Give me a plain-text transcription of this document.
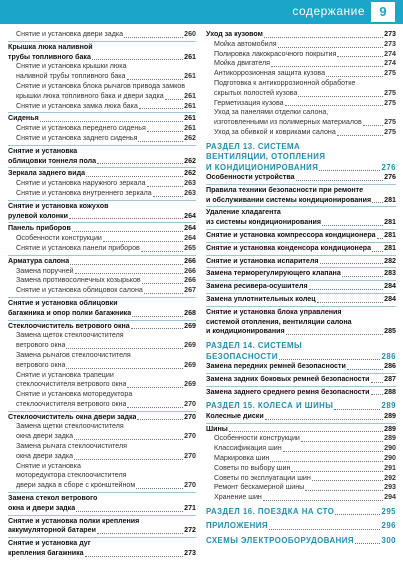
содержание	9
Снятие и установка двери задка	260
Крышка люка наливной
трубы топливного бака	261
Снятие и установка крышки люка
наливной трубы топливного бака	261
Снятие и установка блока рычагов привода замков
крышки люка топливного бака и двери задка	261
Снятие и установка замка люка бака	261
Сиденья	261
Снятие и установка переднего сиденья	261
Снятие и установка заднего сиденья	262
Снятие и установка
облицовки тоннеля пола	262
Зеркала заднего вида	262
Снятие и установка наружного зеркала	263
Снятие и установка внутреннего зеркала	263
Снятие и установка кожухов
рулевой колонки	264
Панель приборов	264
Особенности конструкции	264
Снятие и установка панели приборов	265
Арматура салона	266
Замена поручней	266
Замена противосолнечных козырьков	266
Снятие и установка облицовок салона	267
Снятие и установка облицовки
багажника и опор полки багажника	268
Стеклоочиститель ветрового окна	269
Замена щеток стеклоочистителя
ветрового окна	269
Замена рычагов стеклоочистителя
ветрового окна	269
Снятие и установка трапеции
стеклоочистителя ветрового окна	269
Снятие и установка моторедуктора
стеклоочистителя ветрового окна	270
Стеклоочиститель окна двери задка	270
Замена щетки стеклоочистителя
окна двери задка	270
Замена рычага стеклоочистителя
окна двери задка	270
Снятие и установка
моторедуктора стеклоочистителя
двери задка в сборе с кронштейном	270
Замена стекол ветрового
окна и двери задка	271
Снятие и установка полки крепления
аккумуляторной батареи	272
Снятие и установка дуг
крепления багажника	273
Уход за кузовом	273
Мойка автомобиля	273
Полировка лакокрасочного покрытия	274
Мойка двигателя	274
Антикоррозионная защита кузова	275
Подготовка к антикоррозионной обработке
скрытых полостей кузова	275
Герметизация кузова	275
Уход за панелями отделки салона,
изготовленными из полимерных материалов	275
Уход за обивкой и ковриками салона	275
РАЗДЕЛ 13. СИСТЕМА
ВЕНТИЛЯЦИИ, ОТОПЛЕНИЯ
И КОНДИЦИОНИРОВАНИЯ	276
Особенности устройства	276
Правила техники безопасности при ремонте
и обслуживании системы кондиционирования 281
Удаление хладагента
из системы кондиционирования	281
Снятие и установка компрессора кондиционера 281
Снятие и установка конденсора кондиционера 281
Снятие и установка испарителя	282
Замена терморегулирующего клапана	283
Замена ресивера-осушителя	284
Замена уплотнительных колец	284
Снятие и установка блока управления
системой отопления, вентиляции салона
и кондиционирования	285
РАЗДЕЛ 14. СИСТЕМЫ
БЕЗОПАСНОСТИ	286
Замена передних ремней безопасности	286
Замена задних боковых ремней безопасности 287
Замена заднего среднего ремня безопасности 288
РАЗДЕЛ 15. КОЛЕСА И ШИНЫ	289
Колесные диски	289
Шины	289
Особенности конструкции	289
Классификация шин	290
Маркировка шин	290
Советы по выбору шин	291
Советы по эксплуатации шин	292
Ремонт бескамерной шины	293
Хранение шин	294
РАЗДЕЛ 16. ПОЕЗДКА НА СТО	295
ПРИЛОЖЕНИЯ	296
СХЕМЫ ЭЛЕКТРООБОРУДОВАНИЯ	300
